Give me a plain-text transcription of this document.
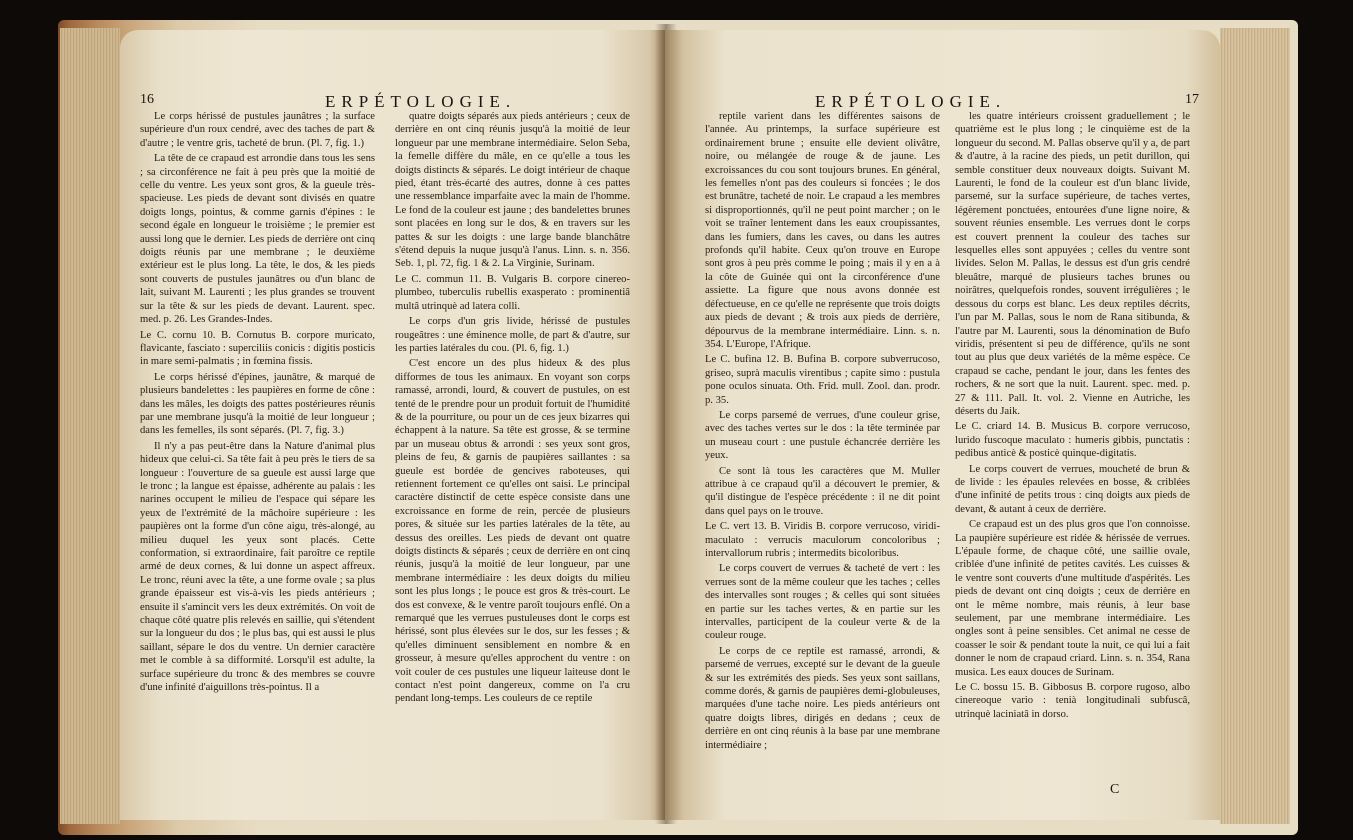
16	ERPÉTOLOGIE.

Le corps hérissé de pustules jaunâtres ; la surface supérieure d'un roux cendré, avec des taches de part & d'autre ; le ventre gris, tacheté de brun. (Pl. 7, fig. 1.)

La tête de ce crapaud est arrondie dans tous les sens ; sa circonférence ne fait à peu près que la moitié de celle du ventre. Les yeux sont gros, & la gueule très-spacieuse. Les pieds de devant sont divisés en quatre doigts longs, pointus, & comme garnis d'épines : le second égale en longueur le troisième ; le premier est aussi long que le dernier. Les pieds de derrière ont cinq doigts réunis par une membrane ; le deuxième extérieur est le plus long. La tête, le dos, & les pieds sont couverts de pustules jaunâtres ou d'un blanc de lait, suivant M. Laurenti ; les plus grandes se trouvent sur la tête & sur les pieds de devant. Laurent. spec. med. p. 26. Les Grandes-Indes.

Le C. cornu 10. B. Cornutus B. corpore muricato, flavicante, fasciato : superciliis conicis : digitis posticis in mare semi-palmatis ; in fœmina fissis.

Le corps hérissé d'épines, jaunâtre, & marqué de plusieurs bandelettes : les paupières en forme de cône : dans les mâles, les doigts des pattes postérieures réunis par une membrane jusqu'à la moitié de leur longueur ; dans les femelles, ils sont séparés. (Pl. 7, fig. 3.)

Il n'y a pas peut-être dans la Nature d'animal plus hideux que celui-ci. Sa tête fait à peu près le tiers de sa longueur : l'ouverture de sa gueule est aussi large que le tronc ; la langue est épaisse, adhérente au palais : les narines occupent le milieu de l'espace qui sépare les yeux de l'extrémité de la mâchoire supérieure : les paupières ont la forme d'un cône aigu, très-alongé, au milieu duquel les yeux sont placés. Cette conformation, si extraordinaire, fait paroître ce reptile armé de deux cornes, & lui donne un aspect affreux. Le tronc, réuni avec la tête, a une forme ovale ; sa plus grande épaisseur est vis-à-vis les pieds antérieurs ; ensuite il s'amincit vers les deux extrémités. On voit de chaque côté quatre plis relevés en saillie, qui s'étendent sur la longueur du dos ; le plus bas, qui est aussi le plus saillant, sépare le dos du ventre. Un dernier caractère met le comble à sa difformité. Lorsqu'il est adulte, la surface supérieure du tronc & des membres se couvre d'une infinité d'aiguillons très-pointus. Il a

quatre doigts séparés aux pieds antérieurs ; ceux de derrière en ont cinq réunis jusqu'à la moitié de leur longueur par une membrane intermédiaire. Selon Seba, la femelle diffère du mâle, en ce qu'elle a tous les doigts distincts & séparés. Le doigt intérieur de chaque pied, étant très-écarté des autres, donne à ces pattes une ressemblance imparfaite avec la main de l'homme. Le fond de la couleur est jaune ; des bandelettes brunes sont placées en long sur le dos, & en travers sur les pattes & sur les doigts : une large bande blanchâtre s'étend depuis la nuque jusqu'à l'anus. Linn. s. n. 356. Seb. 1, pl. 72, fig. 1 & 2. La Virginie, Surinam.

Le C. commun 11. B. Vulgaris B. corpore cinereo-plumbeo, tuberculis rubellis exasperato : prominentiâ multâ utrinquè ad latera colli.

Le corps d'un gris livide, hérissé de pustules rougeâtres : une éminence molle, de part & d'autre, sur les parties latérales du cou. (Pl. 6, fig. 1.)

C'est encore un des plus hideux & des plus difformes de tous les animaux. En voyant son corps ramassé, arrondi, lourd, & couvert de pustules, on est tenté de le prendre pour un produit fortuit de l'humidité & de la pourriture, ou pour un de ces jeux bizarres qui échappent à la nature. Sa tête est grosse, & se termine par un museau obtus & arrondi : ses yeux sont gros, pleins de feu, & garnis de paupières saillantes : sa gueule est bordée de gencives raboteuses, qui retiennent fortement ce qu'elles ont saisi. Le principal caractère distinctif de cette espèce consiste dans une excroissance en forme de rein, percée de plusieurs pores, & située sur les parties latérales de la tête, au dessus des oreilles. Les pieds de devant ont quatre doigts distincts & séparés ; ceux de derrière en ont cinq réunis, jusqu'à la moitié de leur longueur, par une membrane intermédiaire : les deux doigts du milieu sont les plus longs ; le pouce est gros & très-court. Le dos est convexe, & le ventre paroît toujours enflé. On a remarqué que les verrues pustuleuses dont le corps est hérissé, sont plus élevées sur le dos, sur les fesses ; & qu'elles diminuent sensiblement en nombre & en grosseur, à mesure qu'elles approchent du ventre : on voit couler de ces pustules une liqueur laiteuse dont le contact n'est point dangereux, comme on l'a cru pendant long-temps. Les couleurs de ce reptile

ERPÉTOLOGIE.	17

reptile varient dans les différentes saisons de l'année. Au printemps, la surface supérieure est ordinairement brune ; ensuite elle devient olivâtre, noire, ou mélangée de rouge & de jaune. Les excroissances du cou sont toujours brunes. En général, les femelles n'ont pas des couleurs si foncées ; le dos est brunâtre, tacheté de noir. Le crapaud a les membres si disproportionnés, qu'il ne peut point marcher ; on le voit se traîner lentement dans les eaux croupissantes, dans les fumiers, dans les caves, ou dans les autres profonds qu'il habite. Ceux qu'on trouve en Europe sont gros à peu près comme le poing ; mais il y en a à la côte de Guinée qui ont la circonférence d'une assiette. La figure que nous avons donnée est défectueuse, en ce qu'elle ne représente que trois doigts aux pieds de devant ; & trois aux pieds de derrière, dépourvus de la membrane intermédiaire. Linn. s. n. 354. L'Europe, l'Afrique.

Le C. bufina 12. B. Bufina B. corpore subverrucoso, griseo, suprà maculis virentibus ; capite simo : pustula pone oculos sinuata. Oth. Frid. mull. Zool. dan. prodr. p. 35.

Le corps parsemé de verrues, d'une couleur grise, avec des taches vertes sur le dos : la tête terminée par un museau court : une pustule échancrée derrière les yeux.

Ce sont là tous les caractères que M. Muller attribue à ce crapaud qu'il a découvert le premier, & qu'il distingue de l'espèce précédente : il ne dit point dans quel pays on le trouve.

Le C. vert 13. B. Viridis B. corpore verrucoso, viridi-maculato : verrucis maculorum concoloribus ; intervallorum rubris ; intermedits bicoloribus.

Le corps couvert de verrues & tacheté de vert : les verrues sont de la même couleur que les taches ; celles des intervalles sont rouges ; & celles qui sont situées en partie sur les taches vertes, & en partie sur les intervalles, participent de la couleur verte & de la couleur rouge.

Le corps de ce reptile est ramassé, arrondi, & parsemé de verrues, excepté sur le devant de la gueule & sur les extrémités des pieds. Ses yeux sont saillans, comme dorés, & garnis de paupières demi-globuleuses, marquées d'une tache noire. Les pieds antérieurs ont quatre doigts libres, dirigés en dedans ; ceux de derrière en ont cinq réunis à la base par une membrane intermédiaire ;

les quatre intérieurs croissent graduellement ; le quatrième est le plus long ; le cinquième est de la longueur du second. M. Pallas observe qu'il y a, de part & d'autre, à la racine des pieds, un petit durillon, qui semble constituer deux nouveaux doigts. Suivant M. Laurenti, le fond de la couleur est d'un blanc livide, parsemé, sur la surface supérieure, de taches vertes, légèrement ponctuées, entourées d'une ligne noire, & souvent réunies ensemble. Les verrues dont le corps est couvert prennent la couleur des taches sur lesquelles elles sont appuyées ; celles du ventre sont livides. Selon M. Pallas, le dessus est d'un gris cendré bleuâtre, marqué de plusieurs taches brunes ou noirâtres, quelquefois rondes, souvent irrégulières ; le dessous du corps est blanc. Les deux reptiles décrits, l'un par M. Pallas, sous le nom de Rana sitibunda, & l'autre par M. Laurenti, sous la dénomination de Bufo viridis, présentent si peu de différence, qu'ils ne sont tout au plus que deux variétés de la même espèce. Ce crapaud se cache, pendant le jour, dans les fentes des rochers, & ne sort que la nuit. Laurent. spec. med. p. 27 & 111. Pall. It. vol. 2. Vienne en Autriche, les déserts du Jaik.

Le C. criard 14. B. Musicus B. corpore verrucoso, lurido fuscoque maculato : humeris gibbis, punctatis : pedibus anticè & posticè quinque-digitatis.

Le corps couvert de verrues, moucheté de brun & de livide : les épaules relevées en bosse, & criblées d'une infinité de petits trous : cinq doigts aux pieds de devant, & autant à ceux de derrière.

Ce crapaud est un des plus gros que l'on connoisse. La paupière supérieure est ridée & hérissée de verrues. L'épaule forme, de chaque côté, une saillie ovale, criblée d'une infinité de petites cavités. Les cuisses & le ventre sont couverts d'une multitude d'aspérités. Les pieds de devant ont cinq doigts ; ceux de derrière en ont le même nombre, mais réunis, à leur base seulement, par une membrane intermédiaire. Les ongles sont à peine sensibles. Cet animal ne cesse de coasser le soir & pendant toute la nuit, ce qui lui a fait donner le nom de crapaud criard. Linn. s. n. 354, Rana musica. Les eaux douces de Surinam.

Le C. bossu 15. B. Gibbosus B. corpore rugoso, albo cinereoque vario : tenià longitudinali subfuscâ, utrinquè laciniatâ in dorso.

C
